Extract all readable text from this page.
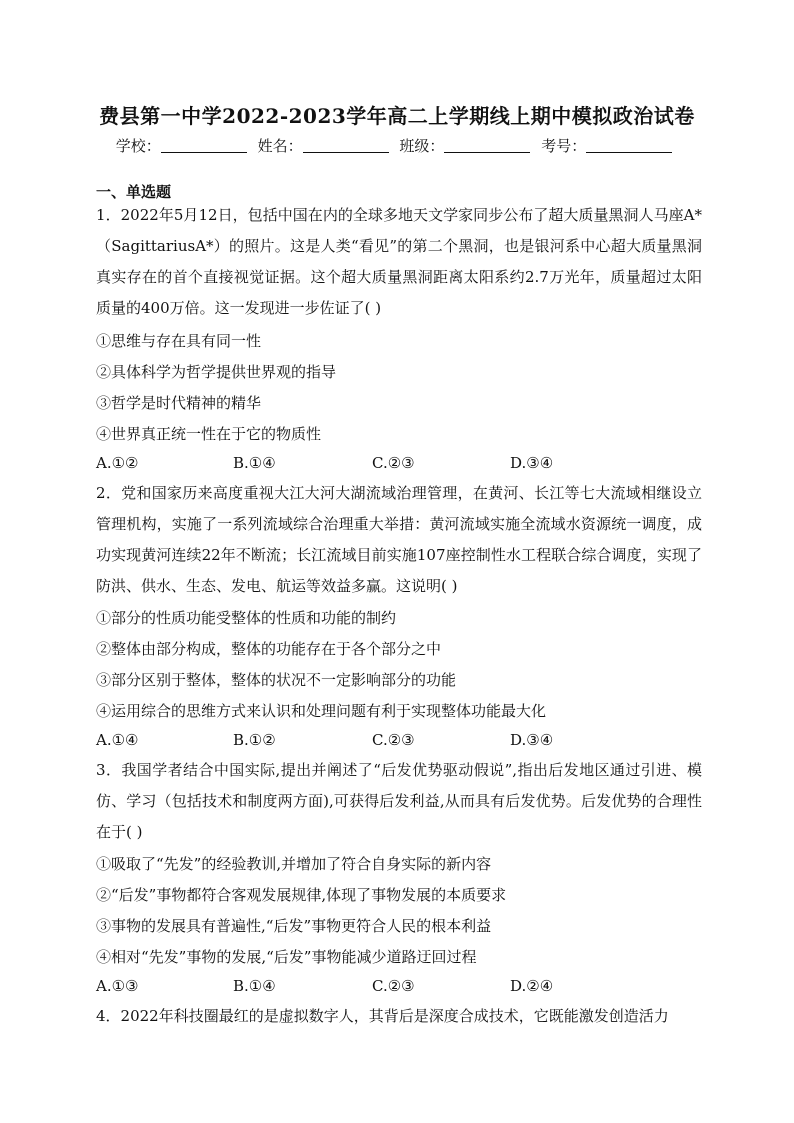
费县第一中学2022-2023学年高二上学期线上期中模拟政治试卷
学校：	姓名：	班级：	考号：
一、单选题
1．2022年5月12日，包括中国在内的全球多地天文学家同步公布了超大质量黑洞人马座A*（SagittariusA*）的照片。这是人类“看见”的第二个黑洞，也是银河系中心超大质量黑洞真实存在的首个直接视觉证据。这个超大质量黑洞距离太阳系约2.7万光年，质量超过太阳质量的400万倍。这一发现进一步佐证了( )
①思维与存在具有同一性
②具体科学为哲学提供世界观的指导
③哲学是时代精神的精华
④世界真正统一性在于它的物质性
A.①②	B.①④	C.②③	D.③④
2．党和国家历来高度重视大江大河大湖流域治理管理，在黄河、长江等七大流域相继设立管理机构，实施了一系列流域综合治理重大举措：黄河流域实施全流域水资源统一调度，成功实现黄河连续22年不断流；长江流域目前实施107座控制性水工程联合综合调度，实现了防洪、供水、生态、发电、航运等效益多赢。这说明( )
①部分的性质功能受整体的性质和功能的制约
②整体由部分构成，整体的功能存在于各个部分之中
③部分区别于整体，整体的状况不一定影响部分的功能
④运用综合的思维方式来认识和处理问题有利于实现整体功能最大化
A.①④	B.①②	C.②③	D.③④
3．我国学者结合中国实际,提出并阐述了“后发优势驱动假说”,指出后发地区通过引进、模仿、学习（包括技术和制度两方面),可获得后发利益,从而具有后发优势。后发优势的合理性在于( )
①吸取了“先发”的经验教训,并增加了符合自身实际的新内容
②“后发”事物都符合客观发展规律,体现了事物发展的本质要求
③事物的发展具有普遍性,“后发”事物更符合人民的根本利益
④相对“先发”事物的发展,“后发”事物能减少道路迂回过程
A.①③	B.①④	C.②③	D.②④
4．2022年科技圈最红的是虚拟数字人，其背后是深度合成技术，它既能激发创造活力
